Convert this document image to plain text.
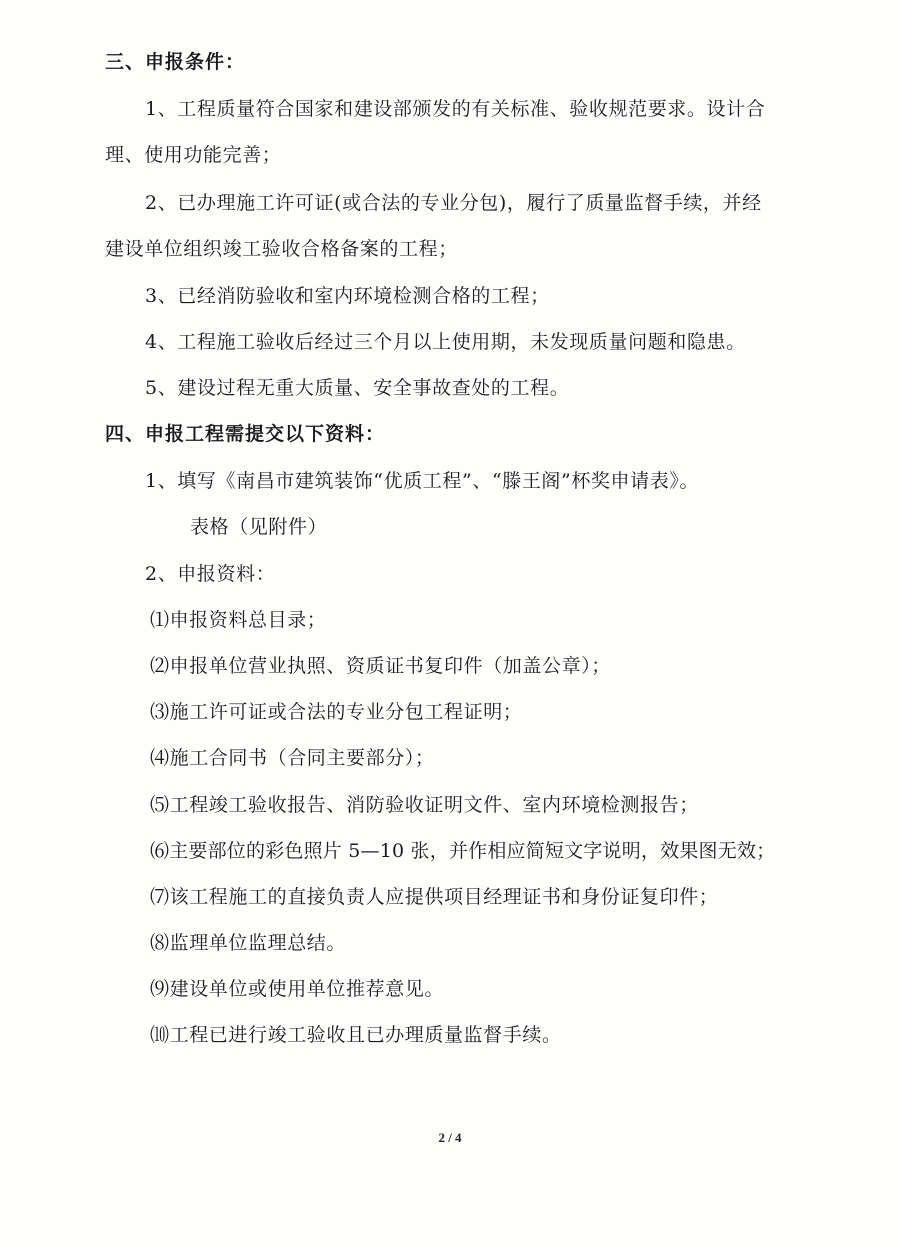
三、申报条件：
1、工程质量符合国家和建设部颁发的有关标准、验收规范要求。设计合
理、使用功能完善；
2、已办理施工许可证(或合法的专业分包)，履行了质量监督手续，并经
建设单位组织竣工验收合格备案的工程；
3、已经消防验收和室内环境检测合格的工程；
4、工程施工验收后经过三个月以上使用期，未发现质量问题和隐患。
5、建设过程无重大质量、安全事故查处的工程。
四、申报工程需提交以下资料：
1、填写《南昌市建筑装饰“优质工程”、“滕王阁”杯奖申请表》。
表格（见附件）
2、申报资料：
⑴申报资料总目录；
⑵申报单位营业执照、资质证书复印件（加盖公章）；
⑶施工许可证或合法的专业分包工程证明；
⑷施工合同书（合同主要部分）；
⑸工程竣工验收报告、消防验收证明文件、室内环境检测报告；
⑹主要部位的彩色照片 5—10 张，并作相应简短文字说明，效果图无效；
⑺该工程施工的直接负责人应提供项目经理证书和身份证复印件；
⑻监理单位监理总结。
⑼建设单位或使用单位推荐意见。
⑽工程已进行竣工验收且已办理质量监督手续。
2 / 4
